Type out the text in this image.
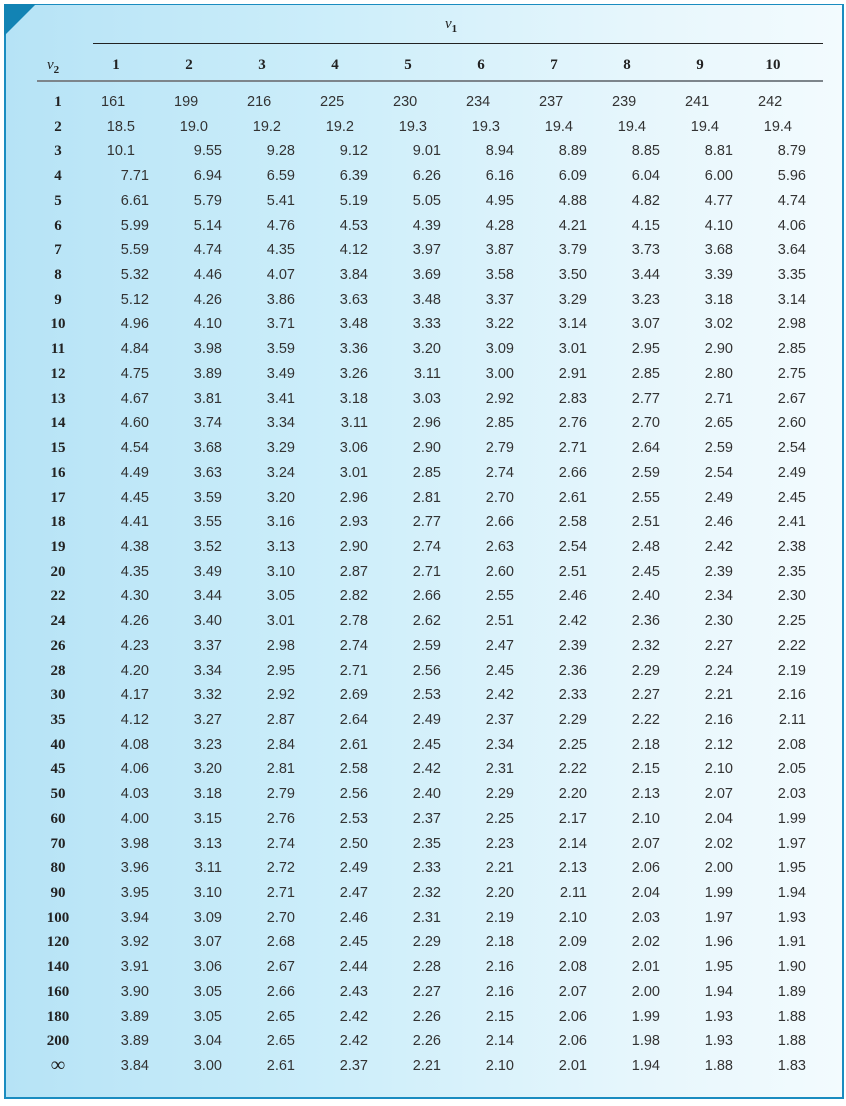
$\nu_1$
$\nu_2$	1	2	3	4	5	6	7	8	9	10
1	161	199	216	225	230	234	237	239	241	242
2	18.5	19.0	19.2	19.2	19.3	19.3	19.4	19.4	19.4	19.4
3	10.1	9.55	9.28	9.12	9.01	8.94	8.89	8.85	8.81	8.79
4	7.71	6.94	6.59	6.39	6.26	6.16	6.09	6.04	6.00	5.96
5	6.61	5.79	5.41	5.19	5.05	4.95	4.88	4.82	4.77	4.74
6	5.99	5.14	4.76	4.53	4.39	4.28	4.21	4.15	4.10	4.06
7	5.59	4.74	4.35	4.12	3.97	3.87	3.79	3.73	3.68	3.64
8	5.32	4.46	4.07	3.84	3.69	3.58	3.50	3.44	3.39	3.35
9	5.12	4.26	3.86	3.63	3.48	3.37	3.29	3.23	3.18	3.14
10	4.96	4.10	3.71	3.48	3.33	3.22	3.14	3.07	3.02	2.98
11	4.84	3.98	3.59	3.36	3.20	3.09	3.01	2.95	2.90	2.85
12	4.75	3.89	3.49	3.26	3.11	3.00	2.91	2.85	2.80	2.75
13	4.67	3.81	3.41	3.18	3.03	2.92	2.83	2.77	2.71	2.67
14	4.60	3.74	3.34	3.11	2.96	2.85	2.76	2.70	2.65	2.60
15	4.54	3.68	3.29	3.06	2.90	2.79	2.71	2.64	2.59	2.54
16	4.49	3.63	3.24	3.01	2.85	2.74	2.66	2.59	2.54	2.49
17	4.45	3.59	3.20	2.96	2.81	2.70	2.61	2.55	2.49	2.45
18	4.41	3.55	3.16	2.93	2.77	2.66	2.58	2.51	2.46	2.41
19	4.38	3.52	3.13	2.90	2.74	2.63	2.54	2.48	2.42	2.38
20	4.35	3.49	3.10	2.87	2.71	2.60	2.51	2.45	2.39	2.35
22	4.30	3.44	3.05	2.82	2.66	2.55	2.46	2.40	2.34	2.30
24	4.26	3.40	3.01	2.78	2.62	2.51	2.42	2.36	2.30	2.25
26	4.23	3.37	2.98	2.74	2.59	2.47	2.39	2.32	2.27	2.22
28	4.20	3.34	2.95	2.71	2.56	2.45	2.36	2.29	2.24	2.19
30	4.17	3.32	2.92	2.69	2.53	2.42	2.33	2.27	2.21	2.16
35	4.12	3.27	2.87	2.64	2.49	2.37	2.29	2.22	2.16	2.11
40	4.08	3.23	2.84	2.61	2.45	2.34	2.25	2.18	2.12	2.08
45	4.06	3.20	2.81	2.58	2.42	2.31	2.22	2.15	2.10	2.05
50	4.03	3.18	2.79	2.56	2.40	2.29	2.20	2.13	2.07	2.03
60	4.00	3.15	2.76	2.53	2.37	2.25	2.17	2.10	2.04	1.99
70	3.98	3.13	2.74	2.50	2.35	2.23	2.14	2.07	2.02	1.97
80	3.96	3.11	2.72	2.49	2.33	2.21	2.13	2.06	2.00	1.95
90	3.95	3.10	2.71	2.47	2.32	2.20	2.11	2.04	1.99	1.94
100	3.94	3.09	2.70	2.46	2.31	2.19	2.10	2.03	1.97	1.93
120	3.92	3.07	2.68	2.45	2.29	2.18	2.09	2.02	1.96	1.91
140	3.91	3.06	2.67	2.44	2.28	2.16	2.08	2.01	1.95	1.90
160	3.90	3.05	2.66	2.43	2.27	2.16	2.07	2.00	1.94	1.89
180	3.89	3.05	2.65	2.42	2.26	2.15	2.06	1.99	1.93	1.88
200	3.89	3.04	2.65	2.42	2.26	2.14	2.06	1.98	1.93	1.88
∞	3.84	3.00	2.61	2.37	2.21	2.10	2.01	1.94	1.88	1.83
